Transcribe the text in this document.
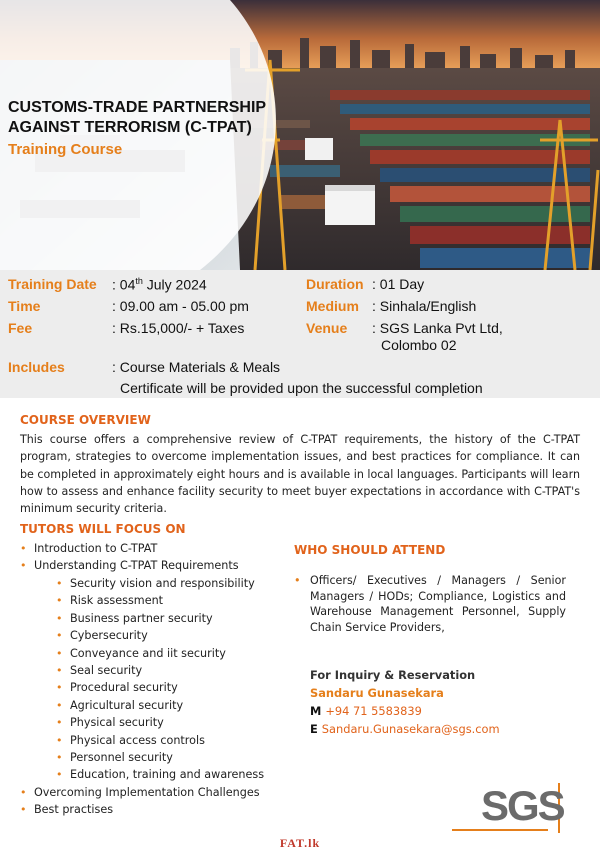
CUSTOMS-TRADE PARTNERSHIP AGAINST TERRORISM (C-TPAT)
Training Course
Training Date : 04th July 2024
Time	: 09.00 am - 05.00 pm
Fee	: Rs.15,000/- + Taxes
Duration : 01 Day
Medium : Sinhala/English
Venue : SGS Lanka Pvt Ltd,
Colombo 02
Includes	: Course Materials & Meals
Certificate will be provided upon the successful completion
COURSE OVERVIEW
This course offers a comprehensive review of C-TPAT requirements, the history of the C-TPAT program, strategies to overcome implementation issues, and best practices for compliance. It can be completed in approximately eight hours and is available in local languages. Participants will learn how to assess and enhance facility security to meet buyer expectations in accordance with C-TPAT's minimum security criteria.
TUTORS WILL FOCUS ON
• Introduction to C-TPAT
• Understanding C-TPAT Requirements
• Security vision and responsibility
• Risk assessment
• Business partner security
• Cybersecurity
• Conveyance and iit security
• Seal security
• Procedural security
• Agricultural security
• Physical security
• Physical access controls
• Personnel security
• Education, training and awareness
• Overcoming Implementation Challenges
• Best practises
WHO SHOULD ATTEND
• Officers/ Executives / Managers / Senior Managers / HODs; Compliance, Logistics and Warehouse Management Personnel, Supply Chain Service Providers,
For Inquiry & Reservation
Sandaru Gunasekara
M +94 71 5583839
E Sandaru.Gunasekara@sgs.com
SGS
FAT.lk
